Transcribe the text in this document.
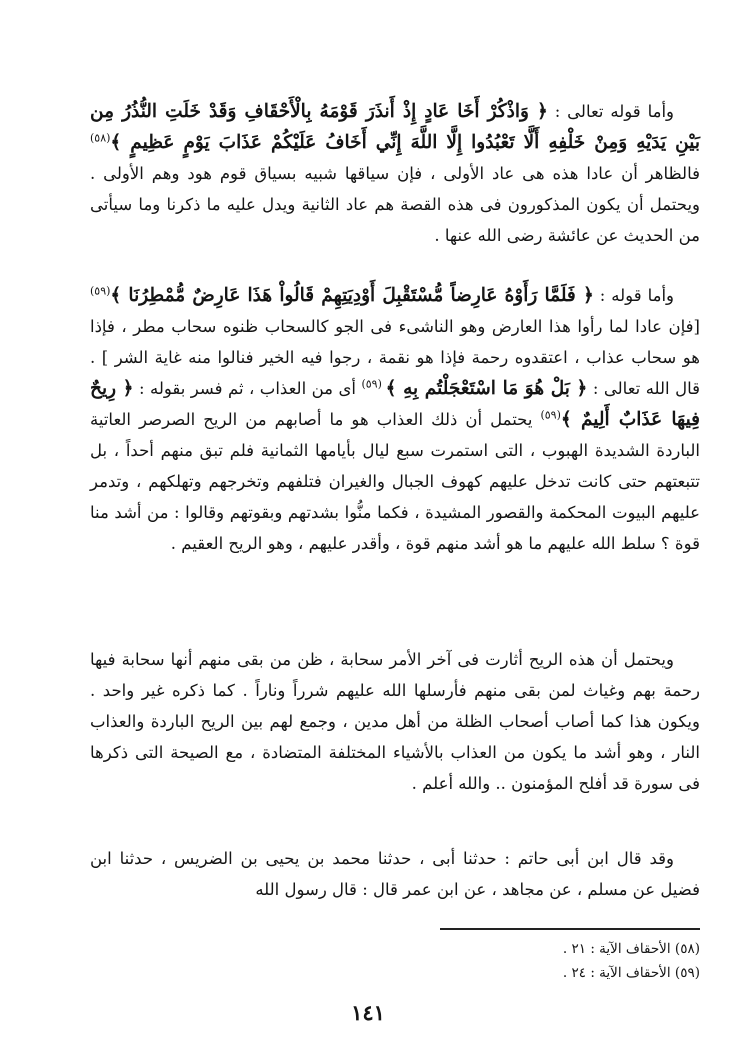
وأما قوله تعالى : ﴿ وَاذْكُرْ أَخَا عَادٍ إِذْ أَنذَرَ قَوْمَهُ بِالْأَحْقَافِ وَقَدْ خَلَتِ النُّذُرُ مِن بَيْنِ يَدَيْهِ وَمِنْ خَلْفِهِ أَلَّا تَعْبُدُوا إِلَّا اللَّهَ إِنِّي أَخَافُ عَلَيْكُمْ عَذَابَ يَوْمٍ عَظِيمٍ ﴾$^{(٥٨)}$ فالظاهر أن عادا هذه هى عاد الأولى ، فإن سياقها شبيه بسياق قوم هود وهم الأولى . ويحتمل أن يكون المذكورون فى هذه القصة هم عاد الثانية ويدل عليه ما ذكرنا وما سيأتى من الحديث عن عائشة رضى الله عنها .
وأما قوله : ﴿ فَلَمَّا رَأَوْهُ عَارِضاً مُّسْتَقْبِلَ أَوْدِيَتِهِمْ قَالُواْ هَذَا عَارِضٌ مُّمْطِرُنَا ﴾$^{(٥٩)}$ [فإن عادا لما رأوا هذا العارض وهو الناشىء فى الجو كالسحاب ظنوه سحاب مطر ، فإذا هو سحاب عذاب ، اعتقدوه رحمة فإذا هو نقمة ، رجوا فيه الخير فنالوا منه غاية الشر ] . قال الله تعالى : ﴿ بَلْ هُوَ مَا اسْتَعْجَلْتُم بِهِ ﴾ $^{(٥٩)}$ أى من العذاب ، ثم فسر بقوله : ﴿ رِيحٌ فِيهَا عَذَابٌ أَلِيمٌ ﴾$^{(٥٩)}$ يحتمل أن ذلك العذاب هو ما أصابهم من الريح الصرصر العاتية الباردة الشديدة الهبوب ، التى استمرت سبع ليال بأيامها الثمانية فلم تبق منهم أحداً ، بل تتبعتهم حتى كانت تدخل عليهم كهوف الجبال والغيران فتلفهم وتخرجهم وتهلكهم ، وتدمر عليهم البيوت المحكمة والقصور المشيدة ، فكما منُّوا بشدتهم وبقوتهم وقالوا : من أشد منا قوة ؟ سلط الله عليهم ما هو أشد منهم قوة ، وأقدر عليهم ، وهو الريح العقيم .
ويحتمل أن هذه الريح أثارت فى آخر الأمر سحابة ، ظن من بقى منهم أنها سحابة فيها رحمة بهم وغياث لمن بقى منهم فأرسلها الله عليهم شرراً وناراً . كما ذكره غير واحد . ويكون هذا كما أصاب أصحاب الظلة من أهل مدين ، وجمع لهم بين الريح الباردة والعذاب النار ، وهو أشد ما يكون من العذاب بالأشياء المختلفة المتضادة ، مع الصيحة التى ذكرها فى سورة قد أفلح المؤمنون .. والله أعلم .
وقد قال ابن أبى حاتم : حدثنا أبى ، حدثنا محمد بن يحيى بن الضريس ، حدثنا ابن فضيل عن مسلم ، عن مجاهد ، عن ابن عمر قال : قال رسول الله
(٥٨) الأحقاف الآية : ٢١ .
(٥٩) الأحقاف الآية : ٢٤ .
١٤١
